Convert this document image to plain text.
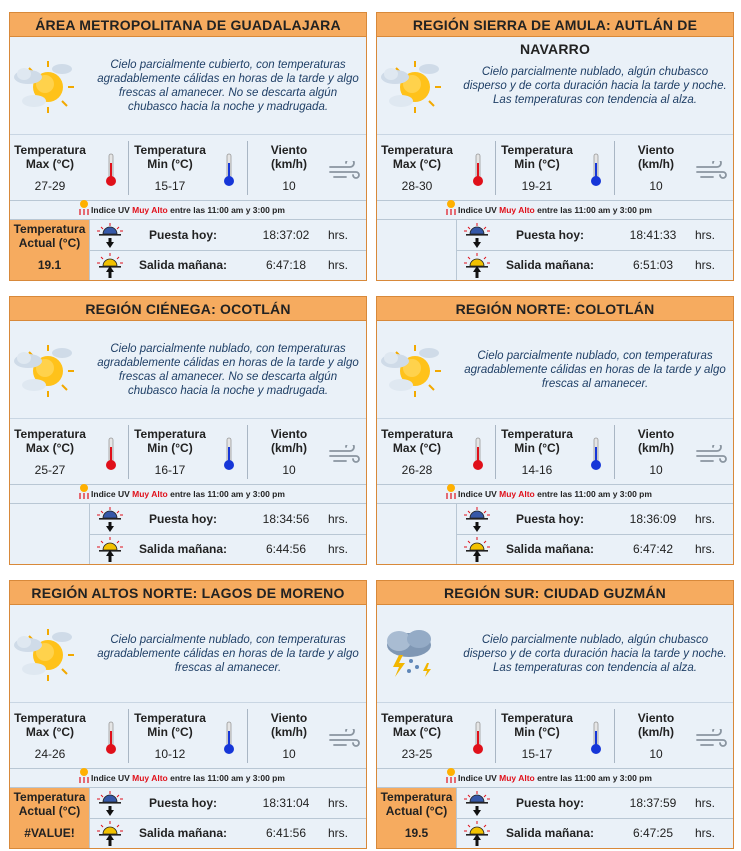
ÁREA METROPOLITANA DE GUADALAJARA
Cielo parcialmente cubierto, con temperaturas agradablemente cálidas en horas de la tarde y algo frescas al amanecer. No se descarta algún chubasco hacia la noche y madrugada.
Temperatura
Max (°C)
27-29
Temperatura
Min (°C)
15-17
Viento
(km/h)
10
Indice UV Muy Alto entre las 11:00 am y 3:00 pm
Temperatura
Actual (°C)
19.1
Puesta hoy:	18:37:02	hrs.
Salida mañana:	6:47:18	hrs.
REGIÓN SIERRA DE AMULA: AUTLÁN DE NAVARRO
Cielo parcialmente nublado, algún chubasco disperso y de corta duración hacia la tarde y noche. Las temperaturas con tendencia al alza.
Temperatura
Max (°C)
28-30
Temperatura
Min (°C)
19-21
Viento
(km/h)
10
Indice UV Muy Alto entre las 11:00 am y 3:00 pm
Puesta hoy:	18:41:33	hrs.
Salida mañana:	6:51:03	hrs.
REGIÓN CIÉNEGA: OCOTLÁN
Cielo parcialmente nublado, con temperaturas agradablemente cálidas en horas de la tarde y algo frescas al amanecer. No se descarta algún chubasco hacia la noche y madrugada.
Temperatura
Max (°C)
25-27
Temperatura
Min (°C)
16-17
Viento
(km/h)
10
Indice UV Muy Alto entre las 11:00 am y 3:00 pm
Puesta hoy:	18:34:56	hrs.
Salida mañana:	6:44:56	hrs.
REGIÓN NORTE: COLOTLÁN
Cielo parcialmente nublado, con temperaturas agradablemente cálidas en horas de la tarde y algo frescas al amanecer.
Temperatura
Max (°C)
26-28
Temperatura
Min (°C)
14-16
Viento
(km/h)
10
Indice UV Muy Alto entre las 11:00 am y 3:00 pm
Puesta hoy:	18:36:09	hrs.
Salida mañana:	6:47:42	hrs.
REGIÓN ALTOS NORTE: LAGOS DE MORENO
Cielo parcialmente nublado, con temperaturas agradablemente cálidas en horas de la tarde y algo frescas al amanecer.
Temperatura
Max (°C)
24-26
Temperatura
Min (°C)
10-12
Viento
(km/h)
10
Indice UV Muy Alto entre las 11:00 am y 3:00 pm
Temperatura
Actual (°C)
#VALUE!
Puesta hoy:	18:31:04	hrs.
Salida mañana:	6:41:56	hrs.
REGIÓN SUR: CIUDAD GUZMÁN
Cielo parcialmente nublado, algún chubasco disperso y de corta duración hacia la tarde y noche. Las temperaturas con tendencia al alza.
Temperatura
Max (°C)
23-25
Temperatura
Min (°C)
15-17
Viento
(km/h)
10
Indice UV Muy Alto entre las 11:00 am y 3:00 pm
Temperatura
Actual (°C)
19.5
Puesta hoy:	18:37:59	hrs.
Salida mañana:	6:47:25	hrs.
